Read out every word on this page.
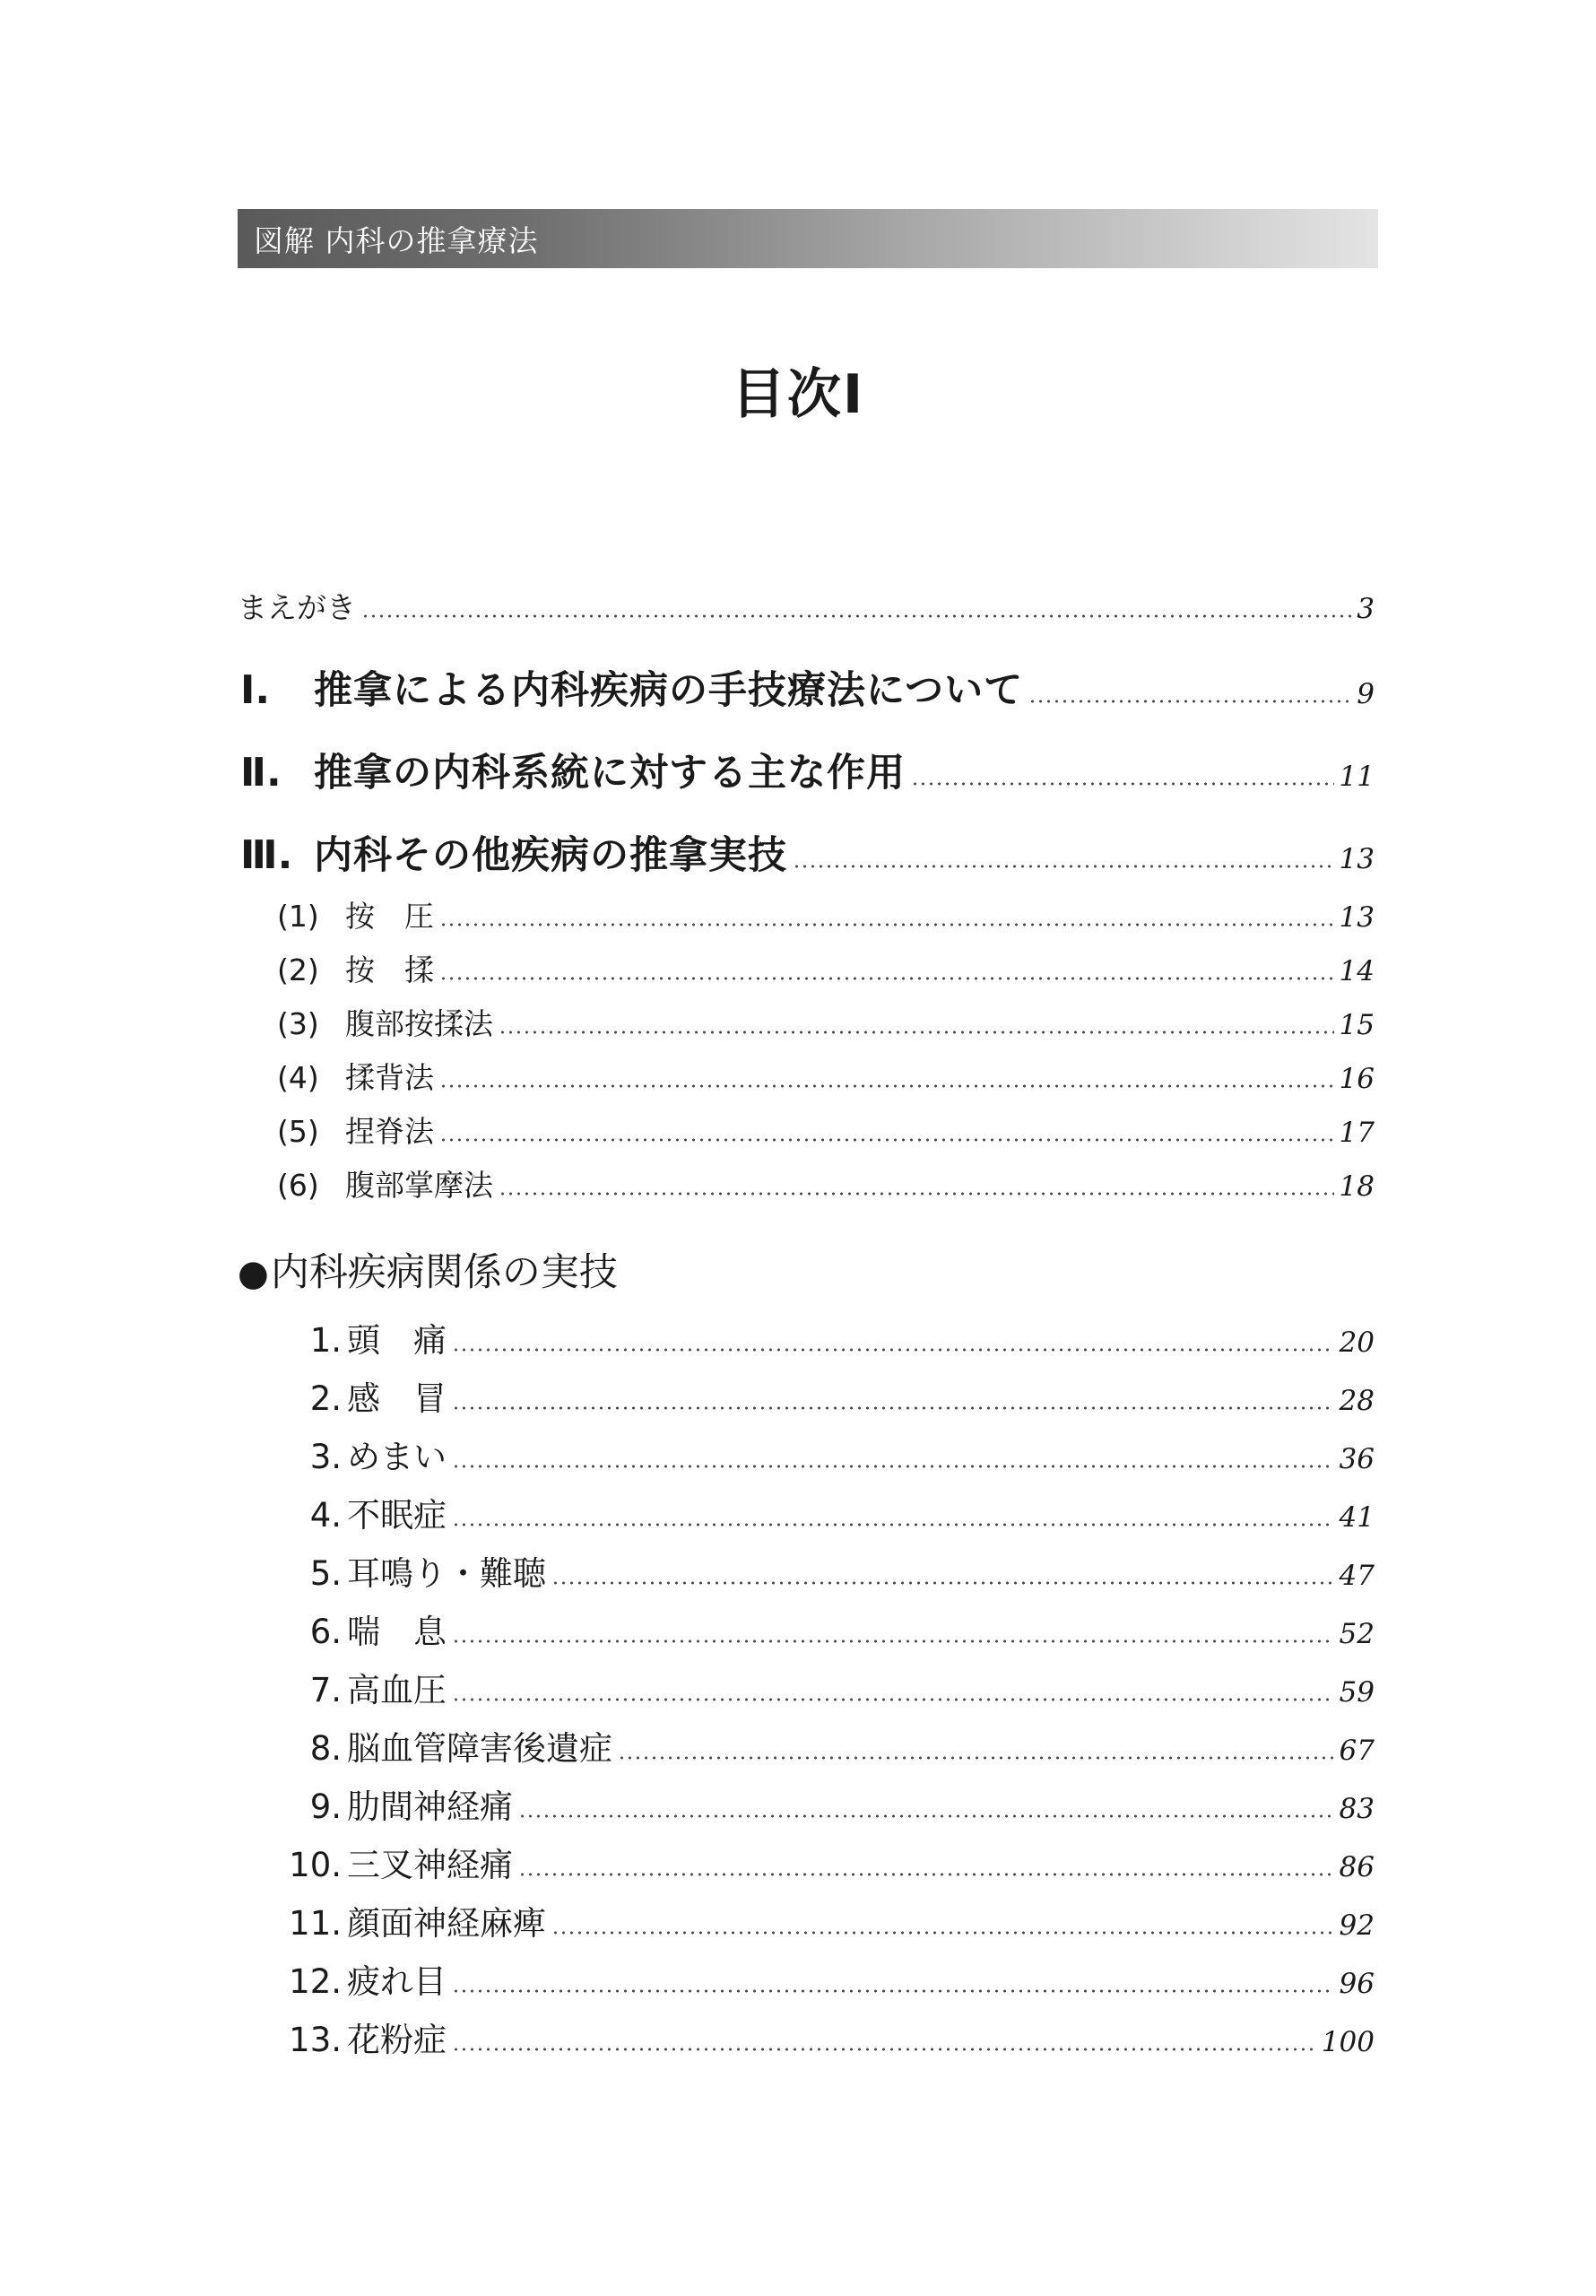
図解 内科の推拿療法
目次Ⅰ
まえがき	3
Ⅰ.	推拿による内科疾病の手技療法について	9
Ⅱ. 推拿の内科系統に対する主な作用	11
Ⅲ. 内科その他疾病の推拿実技	13
(1) 按　圧	13
(2) 按　揉	14
(3) 腹部按揉法	15
(4) 揉背法	16
(5) 捏脊法	17
(6) 腹部掌摩法	18
●内科疾病関係の実技
1. 頭　痛	20
2. 感　冒	28
3. めまい	36
4. 不眠症	41
5. 耳鳴り・難聴	47
6. 喘　息	52
7. 高血圧	59
8. 脳血管障害後遺症	67
9. 肋間神経痛	83
10. 三叉神経痛	86
11. 顔面神経麻痺	92
12. 疲れ目	96
13. 花粉症	100
